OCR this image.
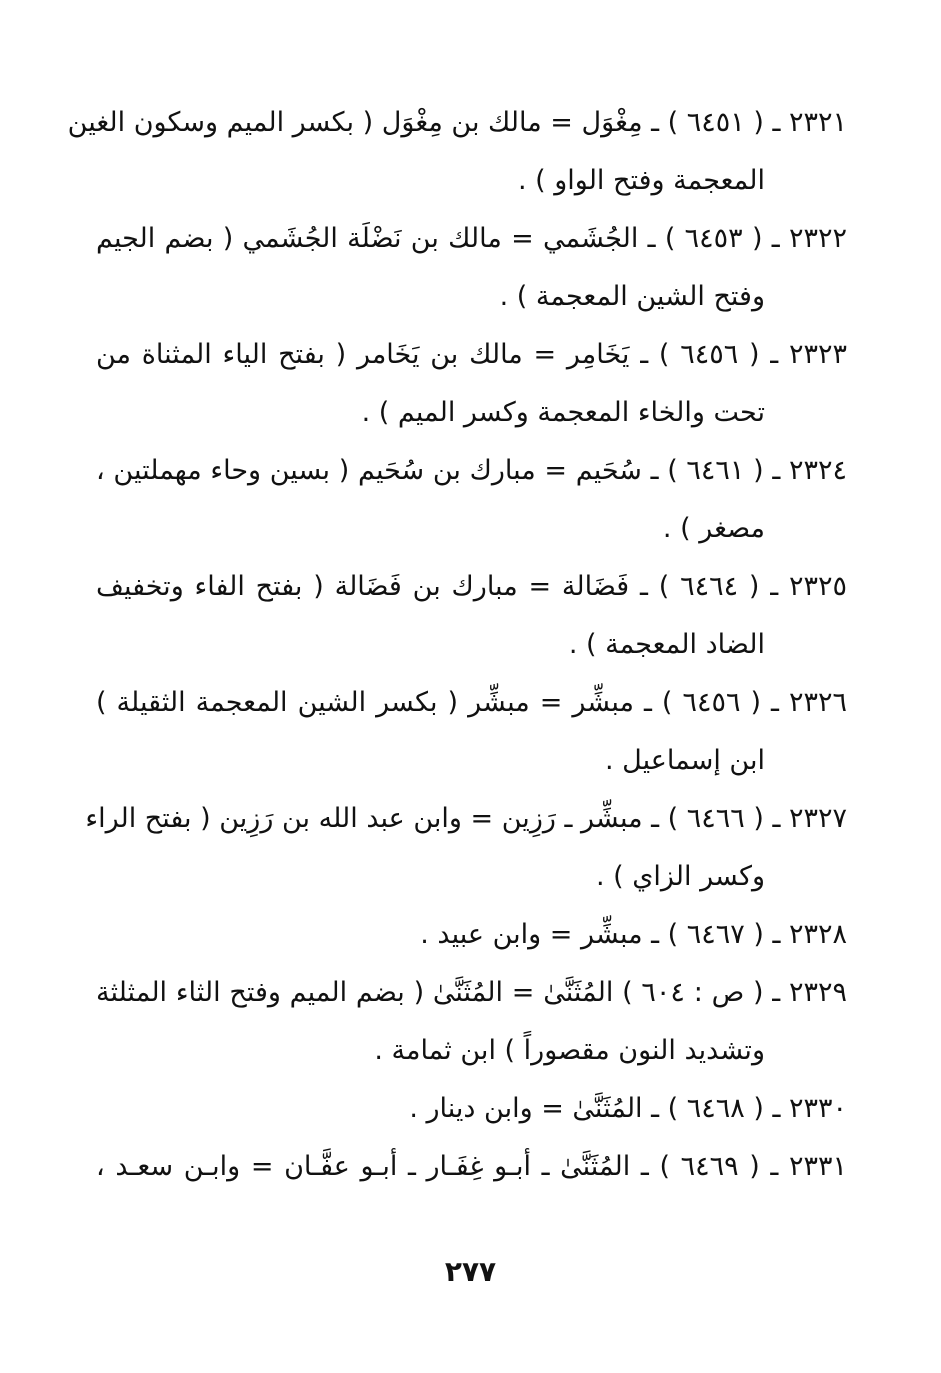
٢٣٢١ ـ ( ٦٤٥١ ) ـ مِغْوَل = مالك بن مِغْوَل ( بكسر الميم وسكون الغين
المعجمة وفتح الواو ) .
٢٣٢٢ ـ ( ٦٤٥٣ ) ـ الجُشَمي = مالك بن نَضْلَة الجُشَمي ( بضم الجيم
وفتح الشين المعجمة ) .
٢٣٢٣ ـ ( ٦٤٥٦ ) ـ يَخَامِر = مالك بن يَخَامر ( بفتح الياء المثناة من
تحت والخاء المعجمة وكسر الميم ) .
٢٣٢٤ ـ ( ٦٤٦١ ) ـ سُحَيم = مبارك بن سُحَيم ( بسين وحاء مهملتين ،
مصغر ) .
٢٣٢٥ ـ ( ٦٤٦٤ ) ـ فَضَالة = مبارك بن فَضَالة ( بفتح الفاء وتخفيف
الضاد المعجمة ) .
٢٣٢٦ ـ ( ٦٤٥٦ ) ـ مبشِّر = مبشِّر ( بكسر الشين المعجمة الثقيلة )
ابن إسماعيل .
٢٣٢٧ ـ ( ٦٤٦٦ ) ـ مبشِّر ـ رَزِين = وابن عبد الله بن رَزِين ( بفتح الراء
وكسر الزاي ) .
٢٣٢٨ ـ ( ٦٤٦٧ ) ـ مبشِّر = وابن عبيد .
٢٣٢٩ ـ ( ص : ٦٠٤ ) المُثَنَّىٰ = المُثَنَّىٰ ( بضم الميم وفتح الثاء المثلثة
وتشديد النون مقصوراً ) ابن ثمامة .
٢٣٣٠ ـ ( ٦٤٦٨ ) ـ المُثَنَّىٰ = وابن دينار .
٢٣٣١ ـ ( ٦٤٦٩ ) ـ المُثَنَّىٰ ـ أبـو غِفَـار ـ أبـو عفَّـان = وابـن سعـد ،
٢٧٧
